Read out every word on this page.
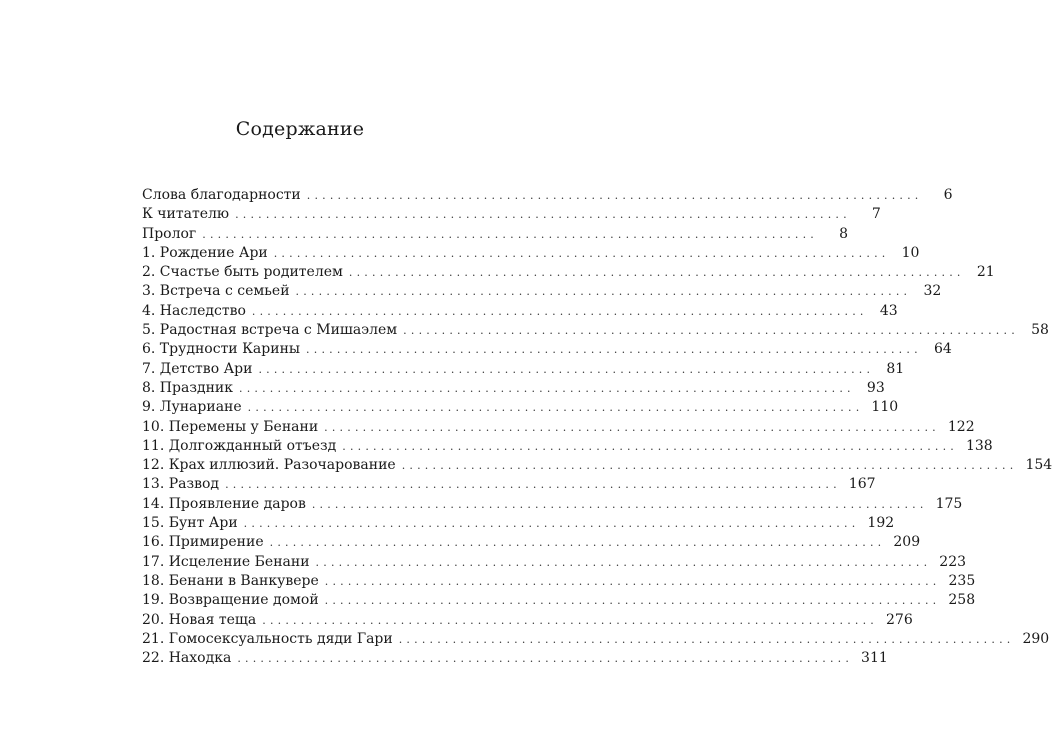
Содержание
Слова благодарности ................................................................................	6
К читателю ................................................................................	7
Пролог ................................................................................	8
1. Рождение Ари ................................................................................ 10
2. Счастье быть родителем ................................................................................ 21
3. Встреча с семьей ................................................................................ 32
4. Наследство ................................................................................ 43
5. Радостная встреча с Мишаэлем ................................................................................ 58
6. Трудности Карины ................................................................................ 64
7. Детство Ари ................................................................................ 81
8. Праздник ................................................................................ 93
9. Лунариане ................................................................................ 110
10. Перемены у Бенани ................................................................................ 122
11. Долгожданный отъезд ................................................................................ 138
12. Крах иллюзий. Разочарование ................................................................................ 154
13. Развод ................................................................................ 167
14. Проявление даров ................................................................................ 175
15. Бунт Ари ................................................................................ 192
16. Примирение ................................................................................ 209
17. Исцеление Бенани ................................................................................ 223
18. Бенани в Ванкувере ................................................................................ 235
19. Возвращение домой ................................................................................ 258
20. Новая теща ................................................................................ 276
21. Гомосексуальность дяди Гари ................................................................................ 290
22. Находка ................................................................................ 311
